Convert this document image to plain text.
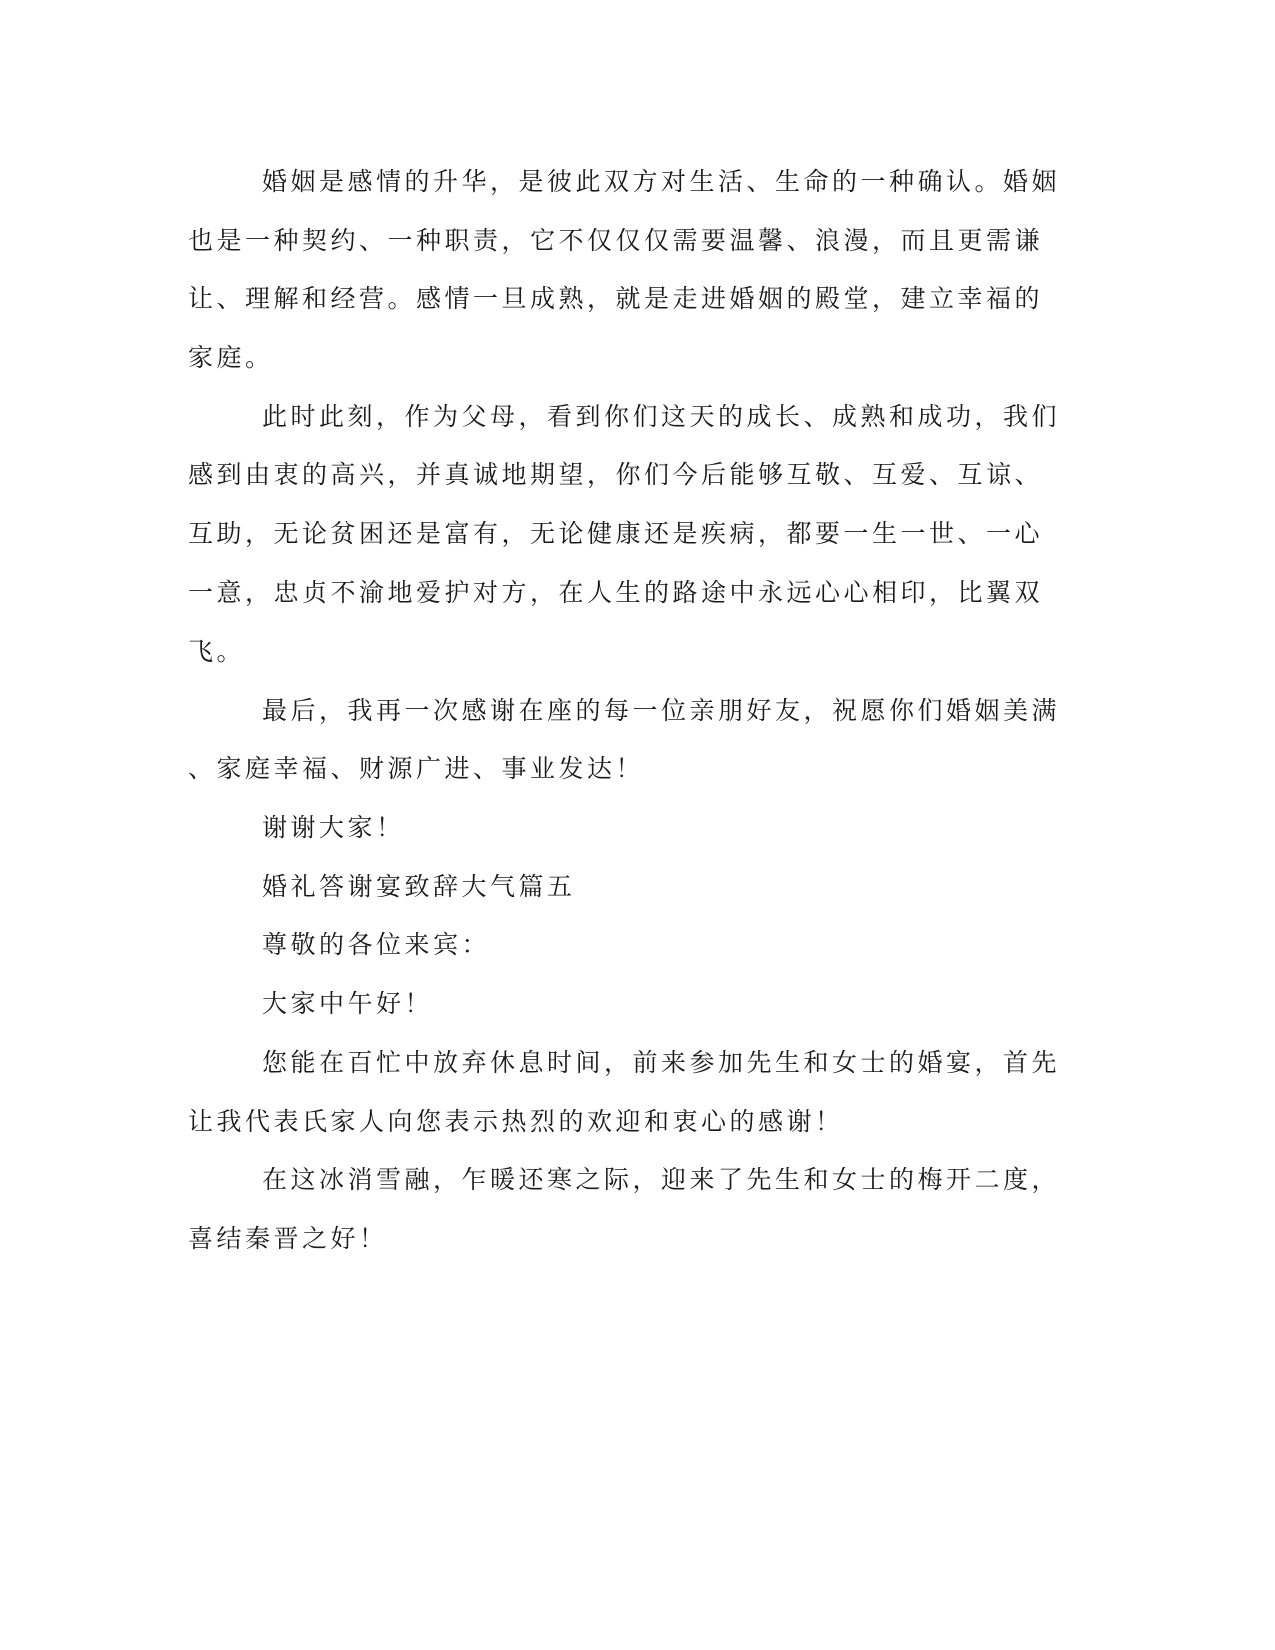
婚姻是感情的升华，是彼此双方对生活、生命的一种确认。婚姻
也是一种契约、一种职责，它不仅仅仅需要温馨、浪漫，而且更需谦
让、理解和经营。感情一旦成熟，就是走进婚姻的殿堂，建立幸福的
家庭。
此时此刻，作为父母，看到你们这天的成长、成熟和成功，我们
感到由衷的高兴，并真诚地期望，你们今后能够互敬、互爱、互谅、
互助，无论贫困还是富有，无论健康还是疾病，都要一生一世、一心
一意，忠贞不渝地爱护对方，在人生的路途中永远心心相印，比翼双
飞。
最后，我再一次感谢在座的每一位亲朋好友，祝愿你们婚姻美满
、家庭幸福、财源广进、事业发达！
谢谢大家！
婚礼答谢宴致辞大气篇五
尊敬的各位来宾：
大家中午好！
您能在百忙中放弃休息时间，前来参加先生和女士的婚宴，首先
让我代表氏家人向您表示热烈的欢迎和衷心的感谢！
在这冰消雪融，乍暖还寒之际，迎来了先生和女士的梅开二度，
喜结秦晋之好！
